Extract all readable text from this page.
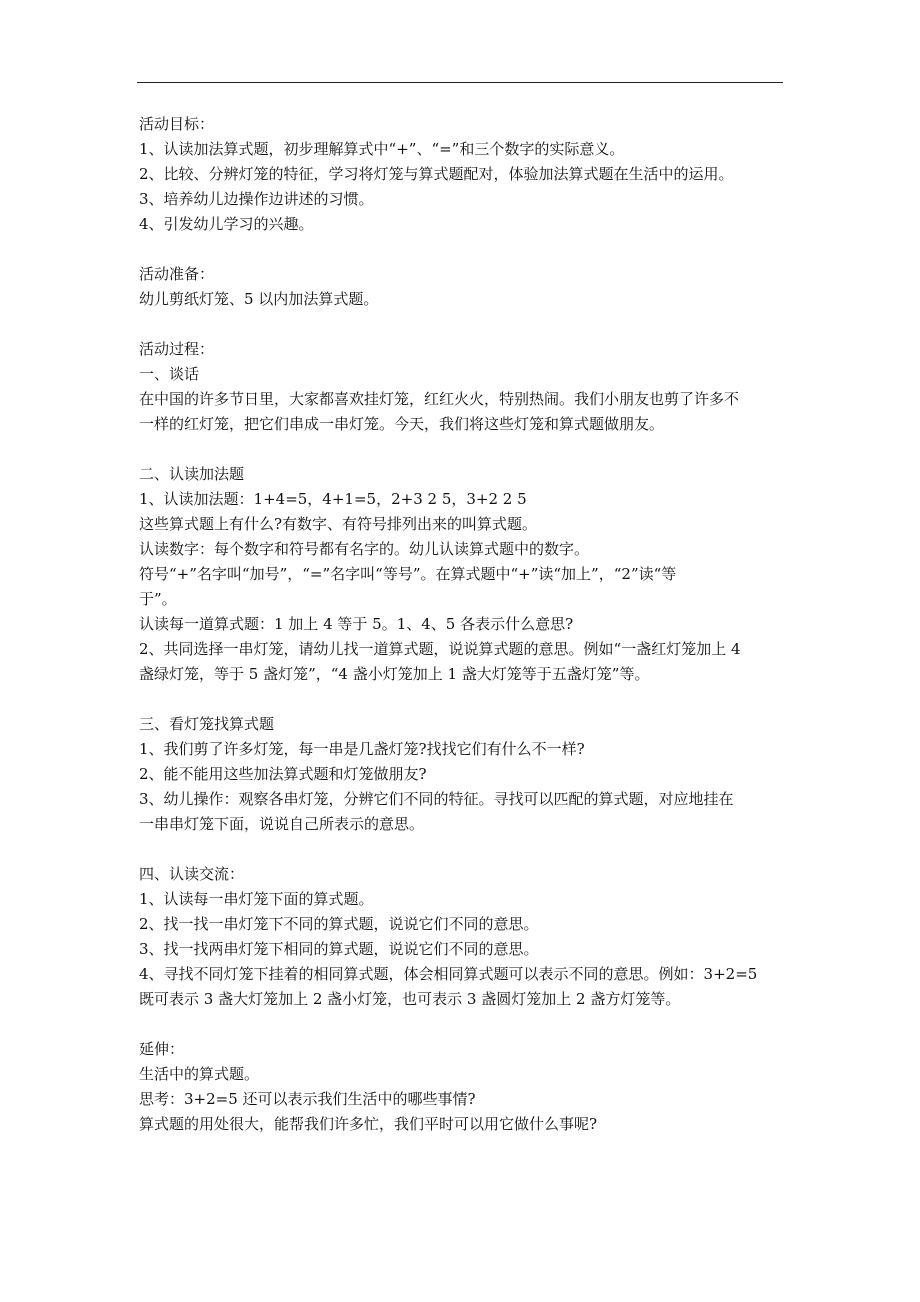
活动目标：
1、认读加法算式题，初步理解算式中“+”、“=”和三个数字的实际意义。
2、比较、分辨灯笼的特征，学习将灯笼与算式题配对，体验加法算式题在生活中的运用。
3、培养幼儿边操作边讲述的习惯。
4、引发幼儿学习的兴趣。
活动准备：
幼儿剪纸灯笼、5 以内加法算式题。
活动过程：
一、谈话
在中国的许多节日里，大家都喜欢挂灯笼，红红火火，特别热闹。我们小朋友也剪了许多不
一样的红灯笼，把它们串成一串灯笼。今天，我们将这些灯笼和算式题做朋友。
二、认读加法题
1、认读加法题：1+4=5，4+1=5，2+3 2 5，3+2 2 5
这些算式题上有什么?有数字、有符号排列出来的叫算式题。
认读数字：每个数字和符号都有名字的。幼儿认读算式题中的数字。
符号“+”名字叫“加号”，“=”名字叫“等号”。在算式题中“+”读“加上”，“2”读“等
于”。
认读每一道算式题：1 加上 4 等于 5。1、4、5 各表示什么意思?
2、共同选择一串灯笼，请幼儿找一道算式题，说说算式题的意思。例如“一盏红灯笼加上 4
盏绿灯笼，等于 5 盏灯笼”，“4 盏小灯笼加上 1 盏大灯笼等于五盏灯笼”等。
三、看灯笼找算式题
1、我们剪了许多灯笼，每一串是几盏灯笼?找找它们有什么不一样?
2、能不能用这些加法算式题和灯笼做朋友?
3、幼儿操作：观察各串灯笼，分辨它们不同的特征。寻找可以匹配的算式题，对应地挂在
一串串灯笼下面，说说自己所表示的意思。
四、认读交流：
1、认读每一串灯笼下面的算式题。
2、找一找一串灯笼下不同的算式题，说说它们不同的意思。
3、找一找两串灯笼下相同的算式题，说说它们不同的意思。
4、寻找不同灯笼下挂着的相同算式题，体会相同算式题可以表示不同的意思。例如：3+2=5
既可表示 3 盏大灯笼加上 2 盏小灯笼，也可表示 3 盏圆灯笼加上 2 盏方灯笼等。
延伸：
生活中的算式题。
思考：3+2=5 还可以表示我们生活中的哪些事情?
算式题的用处很大，能帮我们许多忙，我们平时可以用它做什么事呢?
